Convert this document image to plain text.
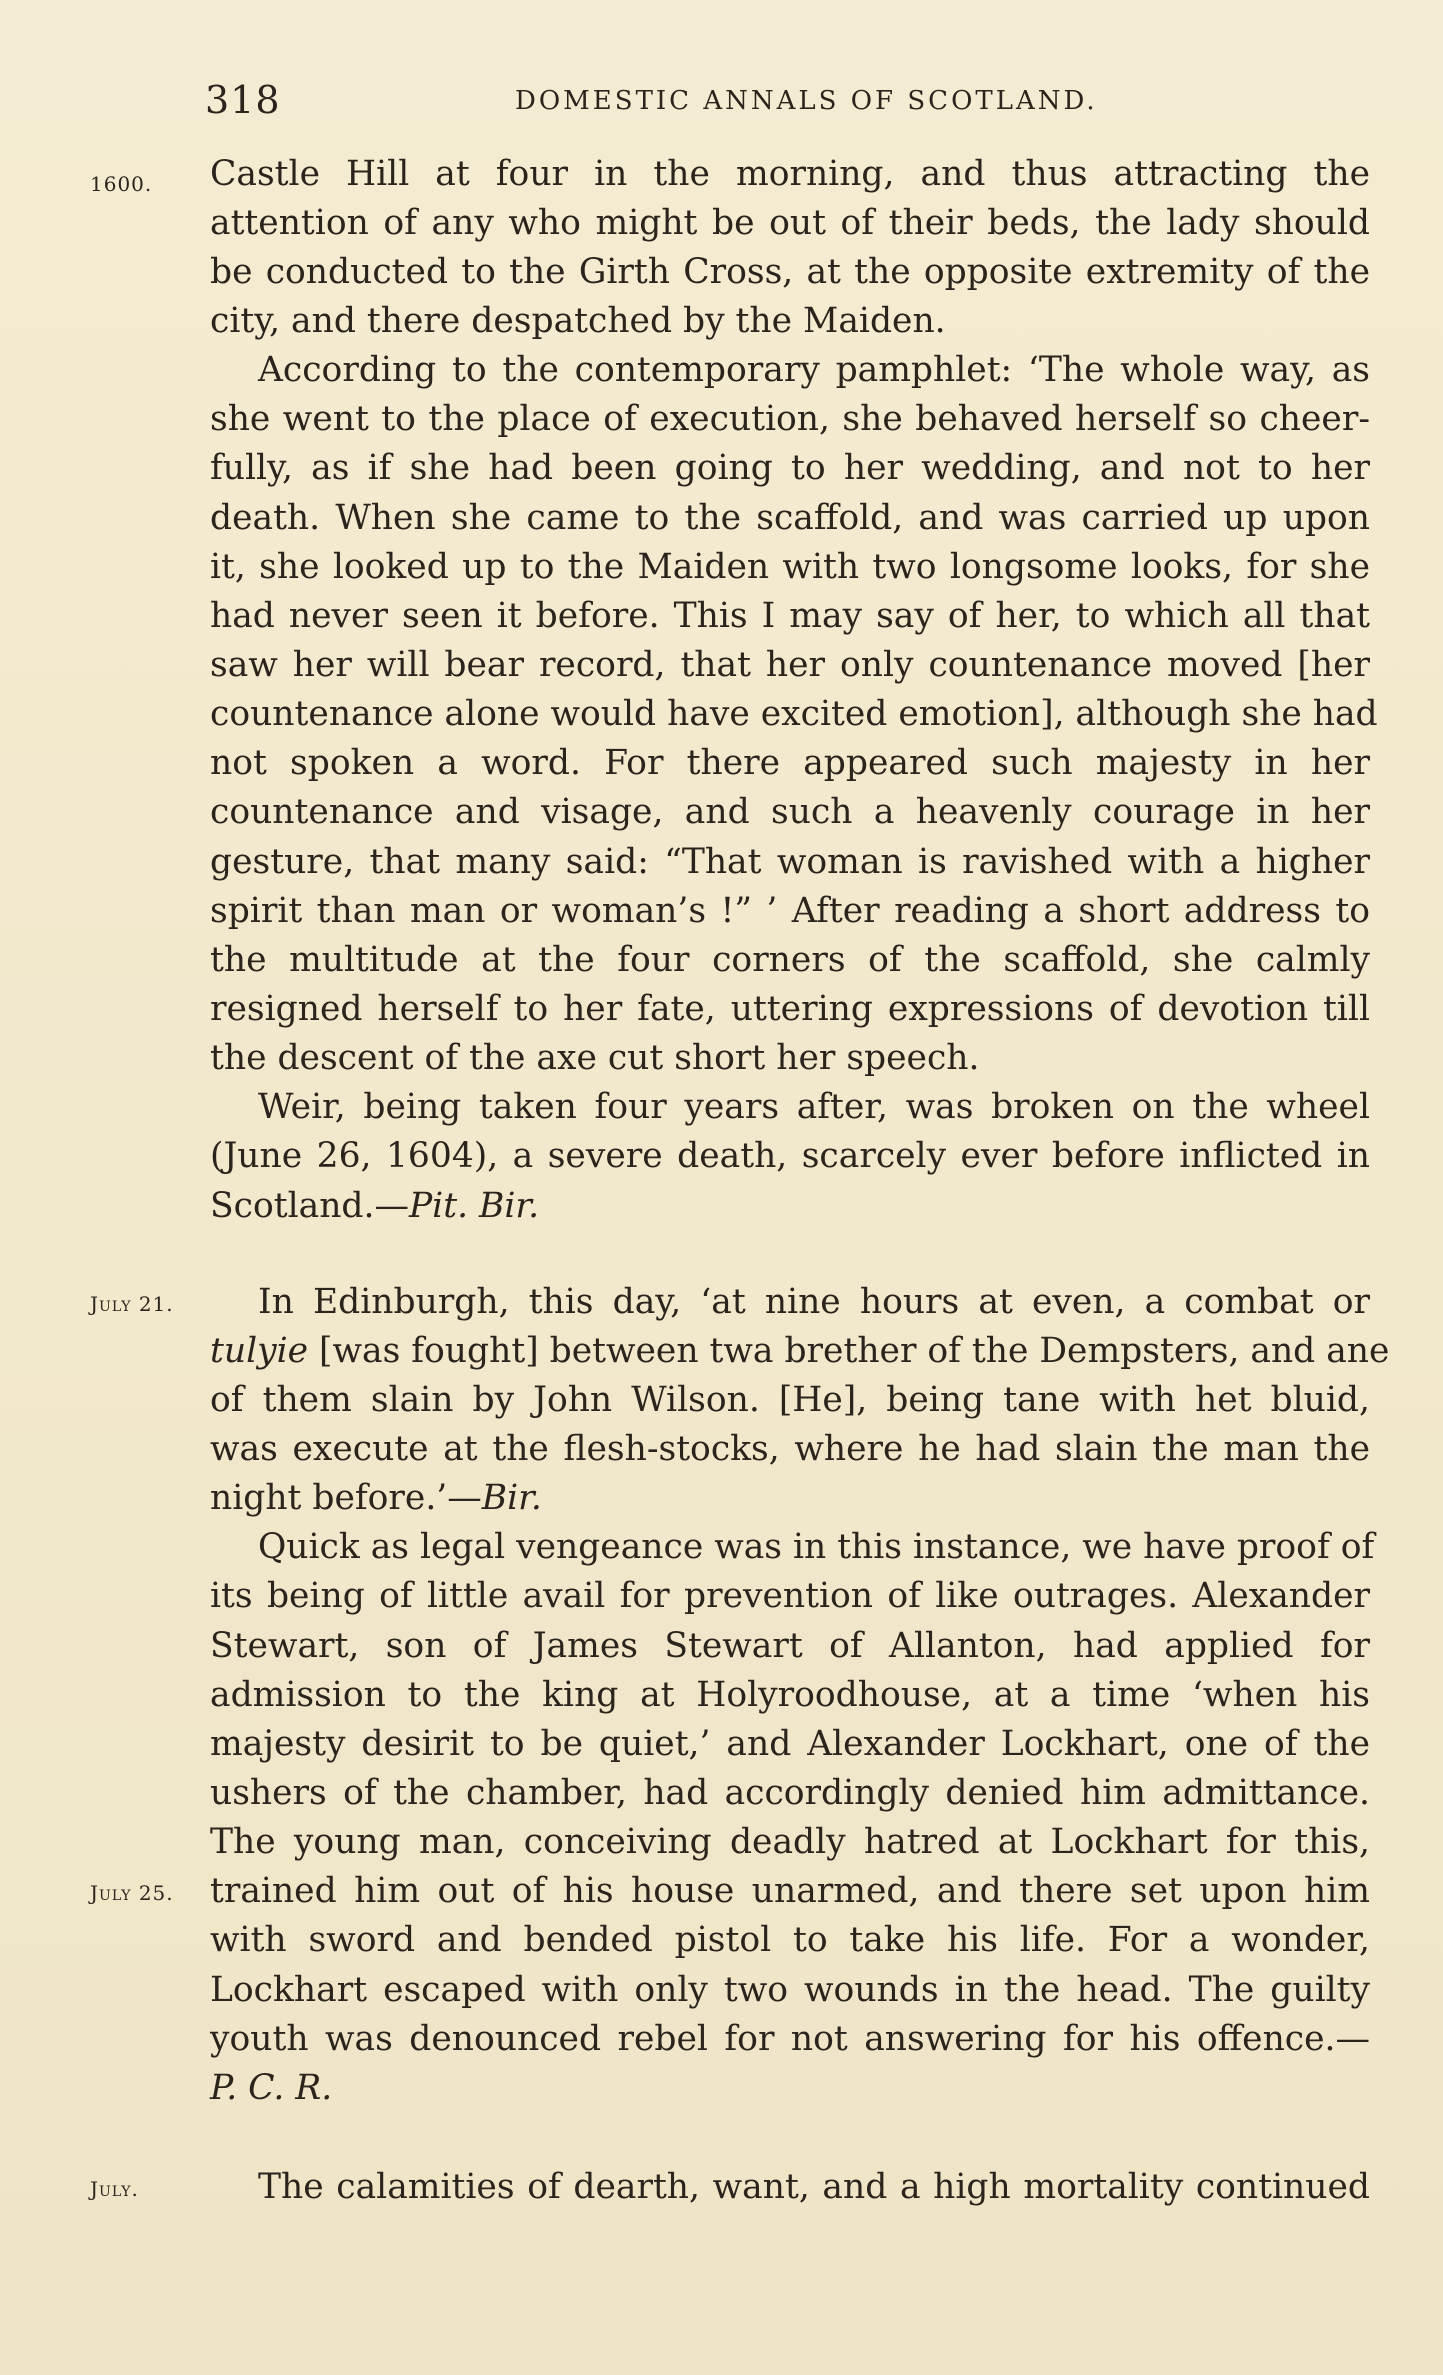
318	DOMESTIC ANNALS OF SCOTLAND.
1600. Castle Hill at four in the morning, and thus attracting the
attention of any who might be out of their beds, the lady should
be conducted to the Girth Cross, at the opposite extremity of the
city, and there despatched by the Maiden.
According to the contemporary pamphlet: ‘The whole way, as
she went to the place of execution, she behaved herself so cheer-
fully, as if she had been going to her wedding, and not to her
death. When she came to the scaffold, and was carried up upon
it, she looked up to the Maiden with two longsome looks, for she
had never seen it before. This I may say of her, to which all that
saw her will bear record, that her only countenance moved [her
countenance alone would have excited emotion], although she had
not spoken a word. For there appeared such majesty in her
countenance and visage, and such a heavenly courage in her
gesture, that many said: “That woman is ravished with a higher
spirit than man or woman’s !” ’ After reading a short address to
the multitude at the four corners of the scaffold, she calmly
resigned herself to her fate, uttering expressions of devotion till
the descent of the axe cut short her speech.
Weir, being taken four years after, was broken on the wheel
(June 26, 1604), a severe death, scarcely ever before inflicted in
Scotland.—Pit. Bir.
July 21. In Edinburgh, this day, ‘at nine hours at even, a combat or
tulyie [was fought] between twa brether of the Dempsters, and ane
of them slain by John Wilson. [He], being tane with het bluid,
was execute at the flesh-stocks, where he had slain the man the
night before.’—Bir.
Quick as legal vengeance was in this instance, we have proof of
its being of little avail for prevention of like outrages. Alexander
Stewart, son of James Stewart of Allanton, had applied for
admission to the king at Holyroodhouse, at a time ‘when his
majesty desirit to be quiet,’ and Alexander Lockhart, one of the
ushers of the chamber, had accordingly denied him admittance.
The young man, conceiving deadly hatred at Lockhart for this,
July 25. trained him out of his house unarmed, and there set upon him
with sword and bended pistol to take his life. For a wonder,
Lockhart escaped with only two wounds in the head. The guilty
youth was denounced rebel for not answering for his offence.—
P. C. R.
July.	The calamities of dearth, want, and a high mortality continued
